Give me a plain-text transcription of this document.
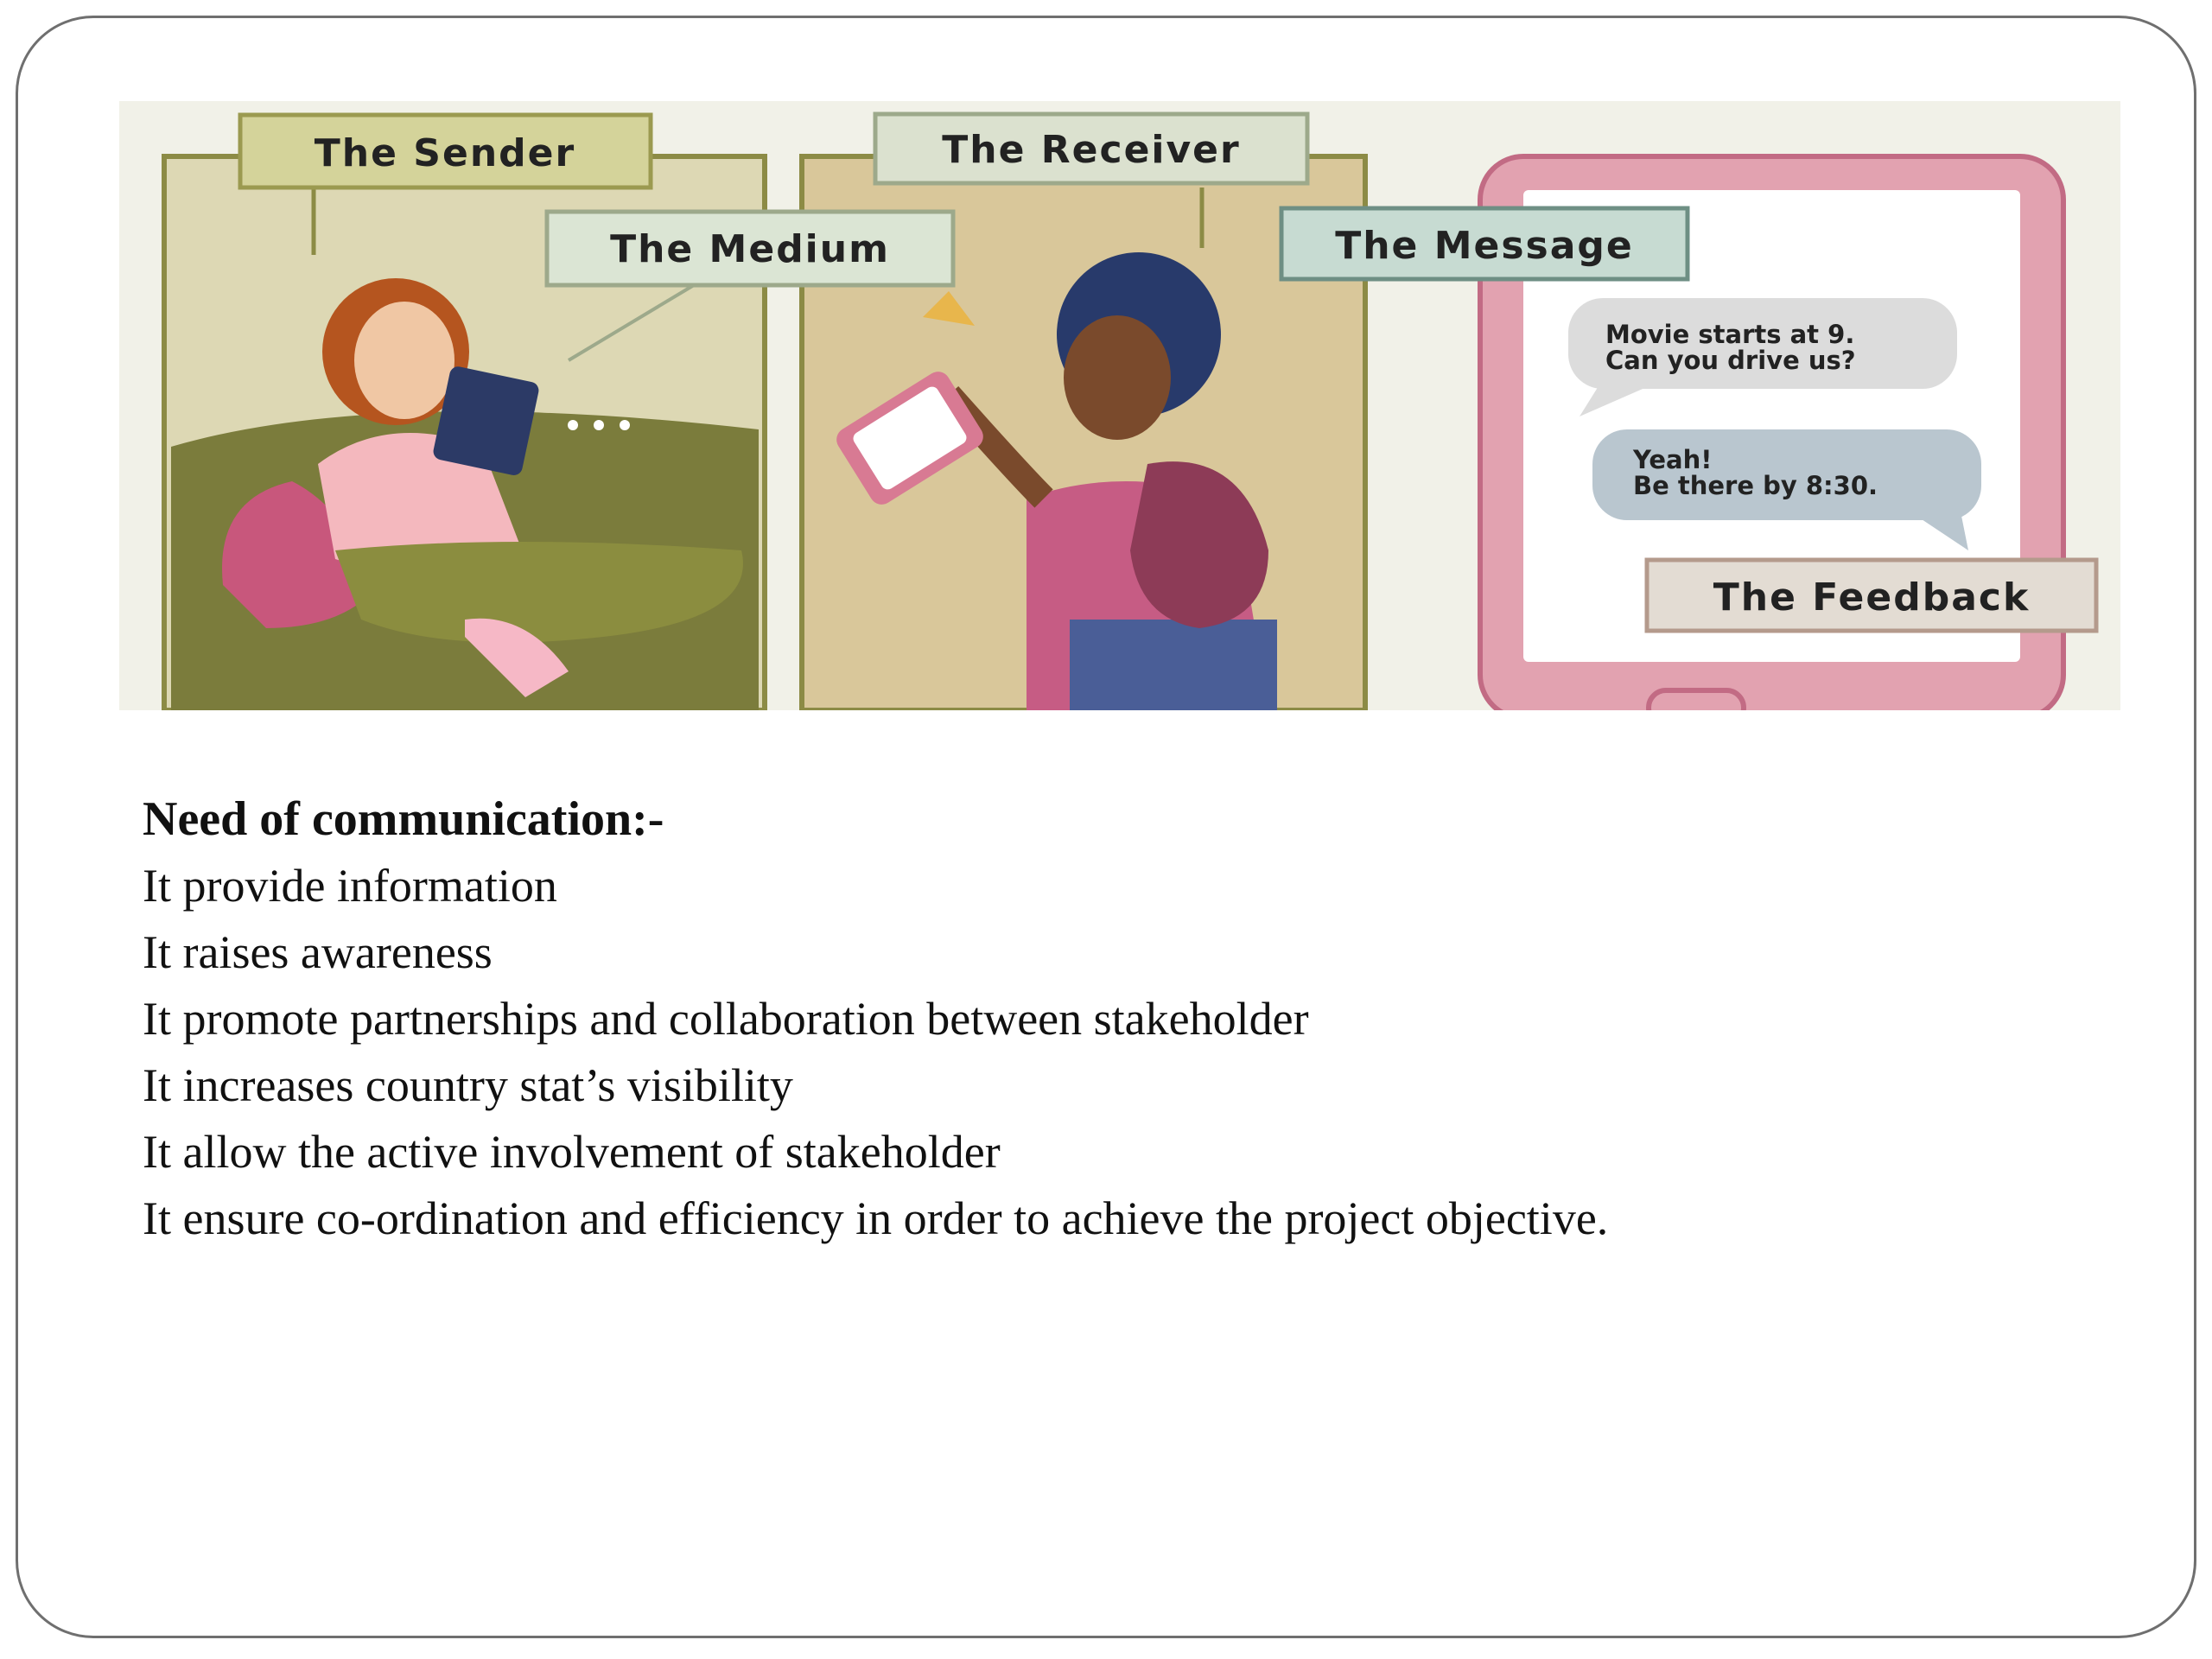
Movie starts at 9.
Can you drive us?
Yeah!
Be there by 8:30.
The Sender	The Receiver
The Medium	The Message
The Feedback

Need of communication:-

It provide information

It raises awareness

It promote partnerships and collaboration between stakeholder

It increases country stat’s visibility

It allow the active involvement of stakeholder

It ensure co-ordination and efficiency in order to achieve the project objective.
